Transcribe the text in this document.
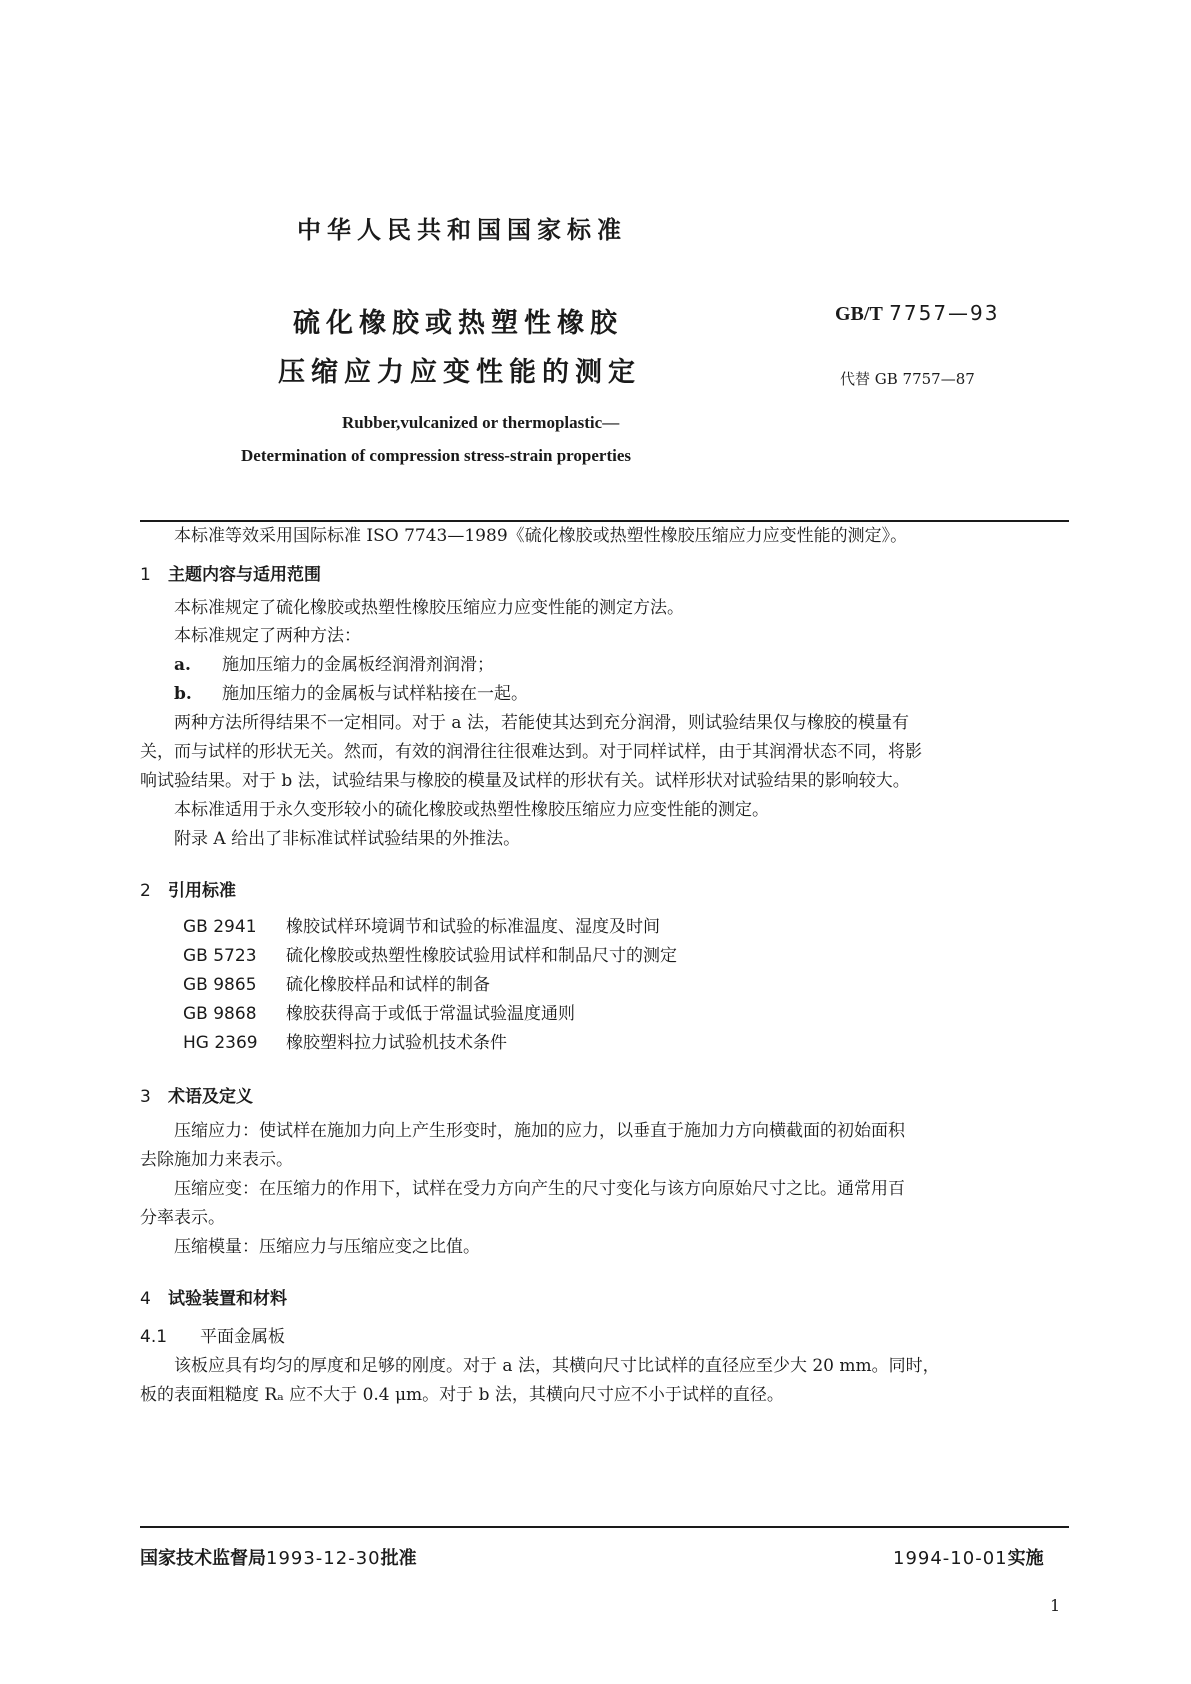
中华人民共和国国家标准
硫化橡胶或热塑性橡胶
压缩应力应变性能的测定
GB/T 7757—93
代替 GB 7757—87
Rubber,vulcanized or thermoplastic—
Determination of compression stress-strain properties
本标准等效采用国际标准 ISO 7743—1989《硫化橡胶或热塑性橡胶压缩应力应变性能的测定》。
1 主题内容与适用范围
本标准规定了硫化橡胶或热塑性橡胶压缩应力应变性能的测定方法。
本标准规定了两种方法：
a. 施加压缩力的金属板经润滑剂润滑；
b. 施加压缩力的金属板与试样粘接在一起。
两种方法所得结果不一定相同。对于 a 法，若能使其达到充分润滑，则试验结果仅与橡胶的模量有
关，而与试样的形状无关。然而，有效的润滑往往很难达到。对于同样试样，由于其润滑状态不同，将影
响试验结果。对于 b 法，试验结果与橡胶的模量及试样的形状有关。试样形状对试验结果的影响较大。
本标准适用于永久变形较小的硫化橡胶或热塑性橡胶压缩应力应变性能的测定。
附录 A 给出了非标准试样试验结果的外推法。
2 引用标准
GB 2941 橡胶试样环境调节和试验的标准温度、湿度及时间
GB 5723 硫化橡胶或热塑性橡胶试验用试样和制品尺寸的测定
GB 9865 硫化橡胶样品和试样的制备
GB 9868 橡胶获得高于或低于常温试验温度通则
HG 2369 橡胶塑料拉力试验机技术条件
3 术语及定义
压缩应力：使试样在施加力向上产生形变时，施加的应力，以垂直于施加力方向横截面的初始面积
去除施加力来表示。
压缩应变：在压缩力的作用下，试样在受力方向产生的尺寸变化与该方向原始尺寸之比。通常用百
分率表示。
压缩模量：压缩应力与压缩应变之比值。
4 试验装置和材料
4.1 平面金属板
该板应具有均匀的厚度和足够的刚度。对于 a 法，其横向尺寸比试样的直径应至少大 20 mm。同时，
板的表面粗糙度 Rₐ 应不大于 0.4 μm。对于 b 法，其横向尺寸应不小于试样的直径。
国家技术监督局1993-12-30批准	1994-10-01实施
1
